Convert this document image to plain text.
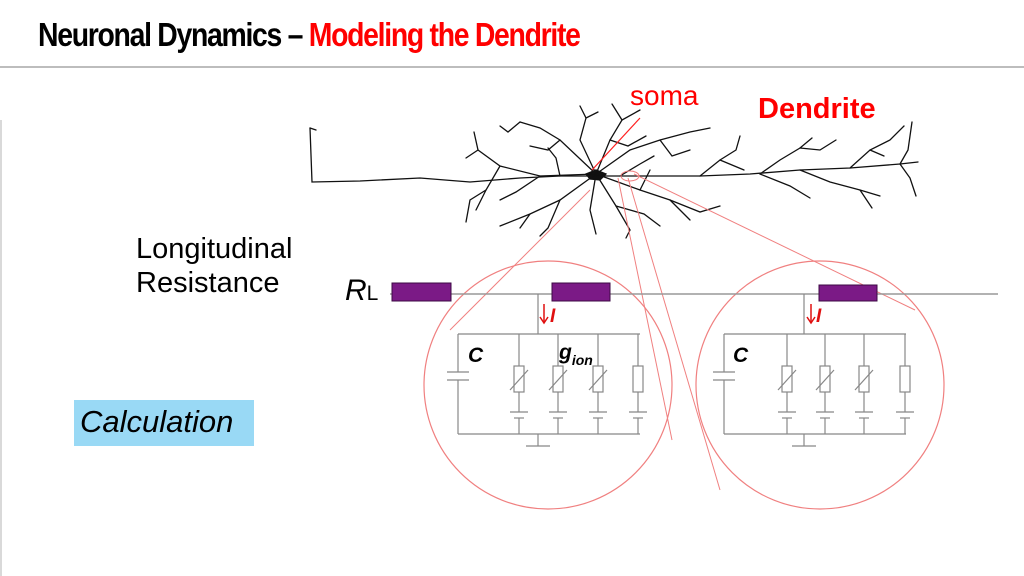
Neuronal Dynamics – Modeling the Dendrite
soma Dendrite
Longitudinal Resistance	RL
Calculation
C	C
I	I
$g_{ion}$
